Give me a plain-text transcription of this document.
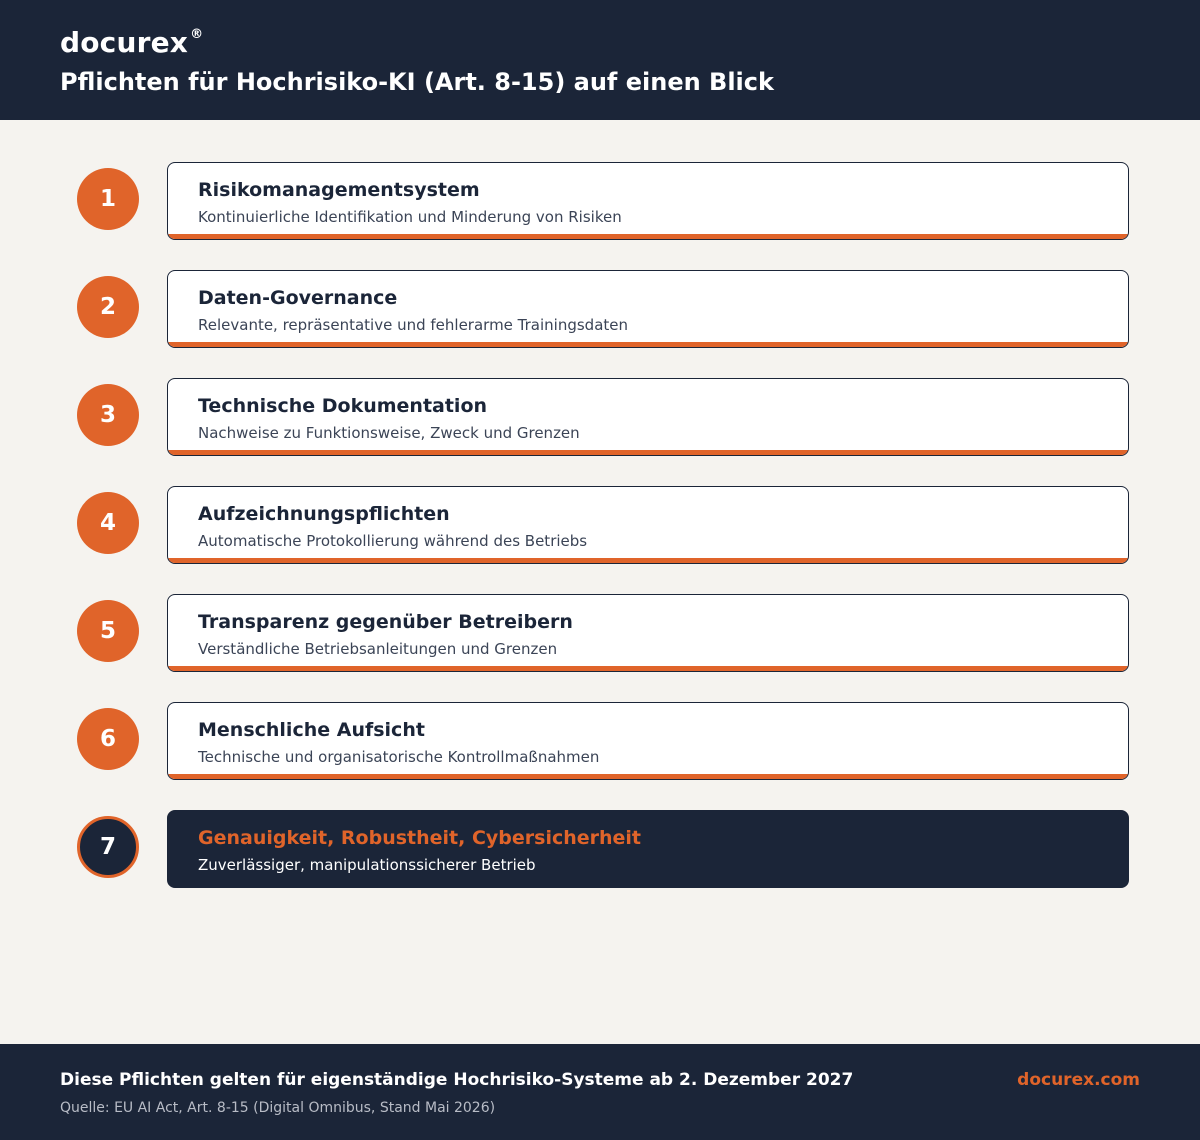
docurex ®
Pflichten für Hochrisiko-KI (Art. 8-15) auf einen Blick
1	Risikomanagementsystem
Kontinuierliche Identifikation und Minderung von Risiken
2	Daten-Governance
Relevante, repräsentative und fehlerarme Trainingsdaten
3	Technische Dokumentation
Nachweise zu Funktionsweise, Zweck und Grenzen
4	Aufzeichnungspflichten
Automatische Protokollierung während des Betriebs
5	Transparenz gegenüber Betreibern
Verständliche Betriebsanleitungen und Grenzen
6	Menschliche Aufsicht
Technische und organisatorische Kontrollmaßnahmen
7	Genauigkeit, Robustheit, Cybersicherheit
Zuverlässiger, manipulationssicherer Betrieb
Diese Pflichten gelten für eigenständige Hochrisiko-Systeme ab 2. Dezember 2027
Quelle: EU AI Act, Art. 8-15 (Digital Omnibus, Stand Mai 2026)
docurex.com
